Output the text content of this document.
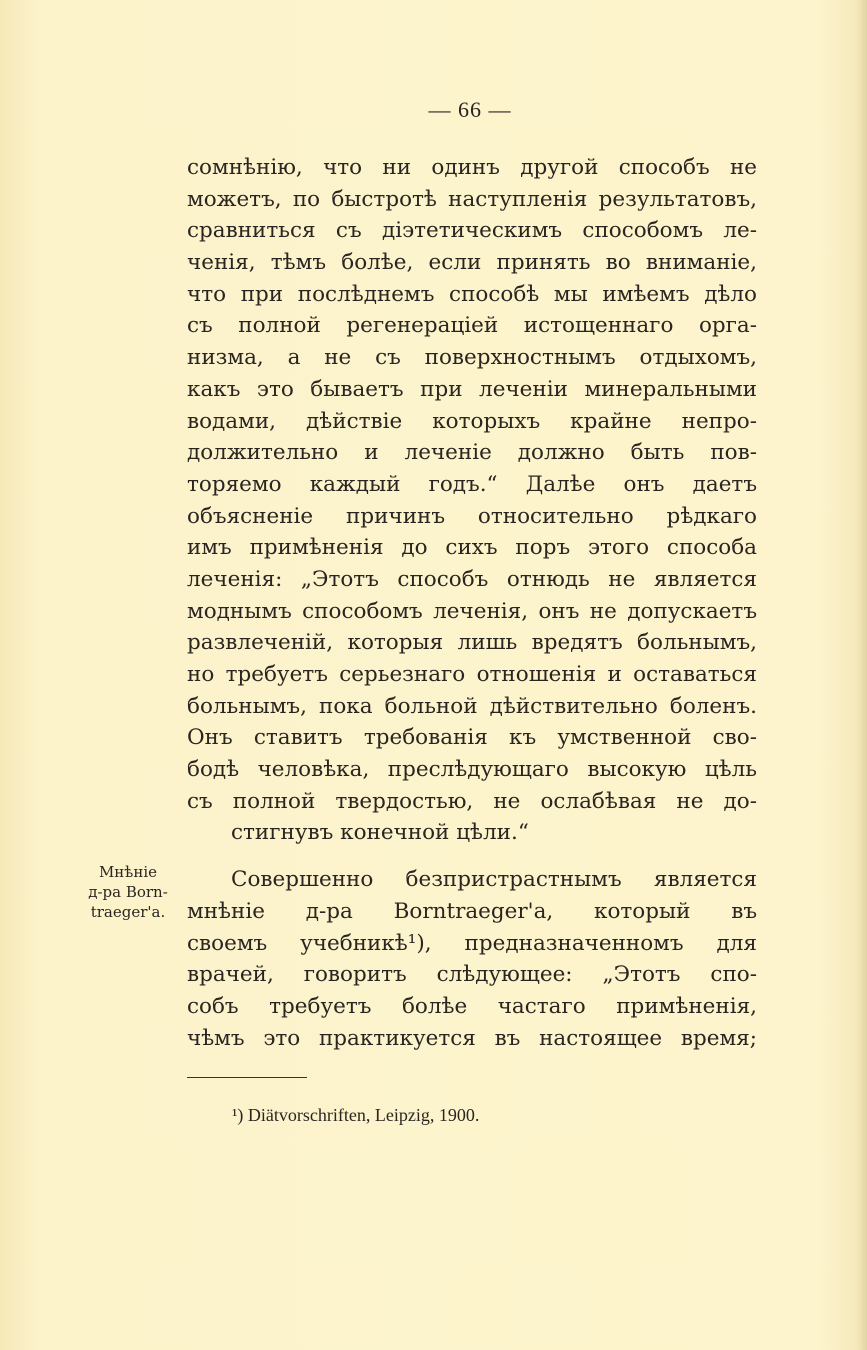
— 66 —
сомнѣнію, что ни одинъ другой способъ не
можетъ, по быстротѣ наступленія результатовъ,
сравниться съ діэтетическимъ способомъ ле-
ченія, тѣмъ болѣе, если принять во вниманіе,
что при послѣднемъ способѣ мы имѣемъ дѣло
съ полной регенераціей истощеннаго орга-
низма, а не съ поверхностнымъ отдыхомъ,
какъ это бываетъ при леченіи минеральными
водами, дѣйствіе которыхъ крайне непро-
должительно и леченіе должно быть пов-
торяемо каждый годъ.“ Далѣе онъ даетъ
объясненіе причинъ относительно рѣдкаго
имъ примѣненія до сихъ поръ этого способа
леченія: „Этотъ способъ отнюдь не является
моднымъ способомъ леченія, онъ не допускаетъ
развлеченій, которыя лишь вредятъ больнымъ,
но требуетъ серьезнаго отношенія и оставаться
больнымъ, пока больной дѣйствительно боленъ.
Онъ ставитъ требованія къ умственной сво-
бодѣ человѣка, преслѣдующаго высокую цѣль
съ полной твердостью, не ослабѣвая не до-
стигнувъ конечной цѣли.“
Совершенно безпристрастнымъ является
мнѣніе д-ра Borntraeger'а, который въ
своемъ учебникѣ¹), предназначенномъ для
врачей, говоритъ слѣдующее: „Этотъ спо-
собъ требуетъ болѣе частаго примѣненія,
чѣмъ это практикуется въ настоящее время;
Мнѣніе
д-ра Born-
traeger'а.
¹) Diätvorschriften, Leipzig, 1900.
